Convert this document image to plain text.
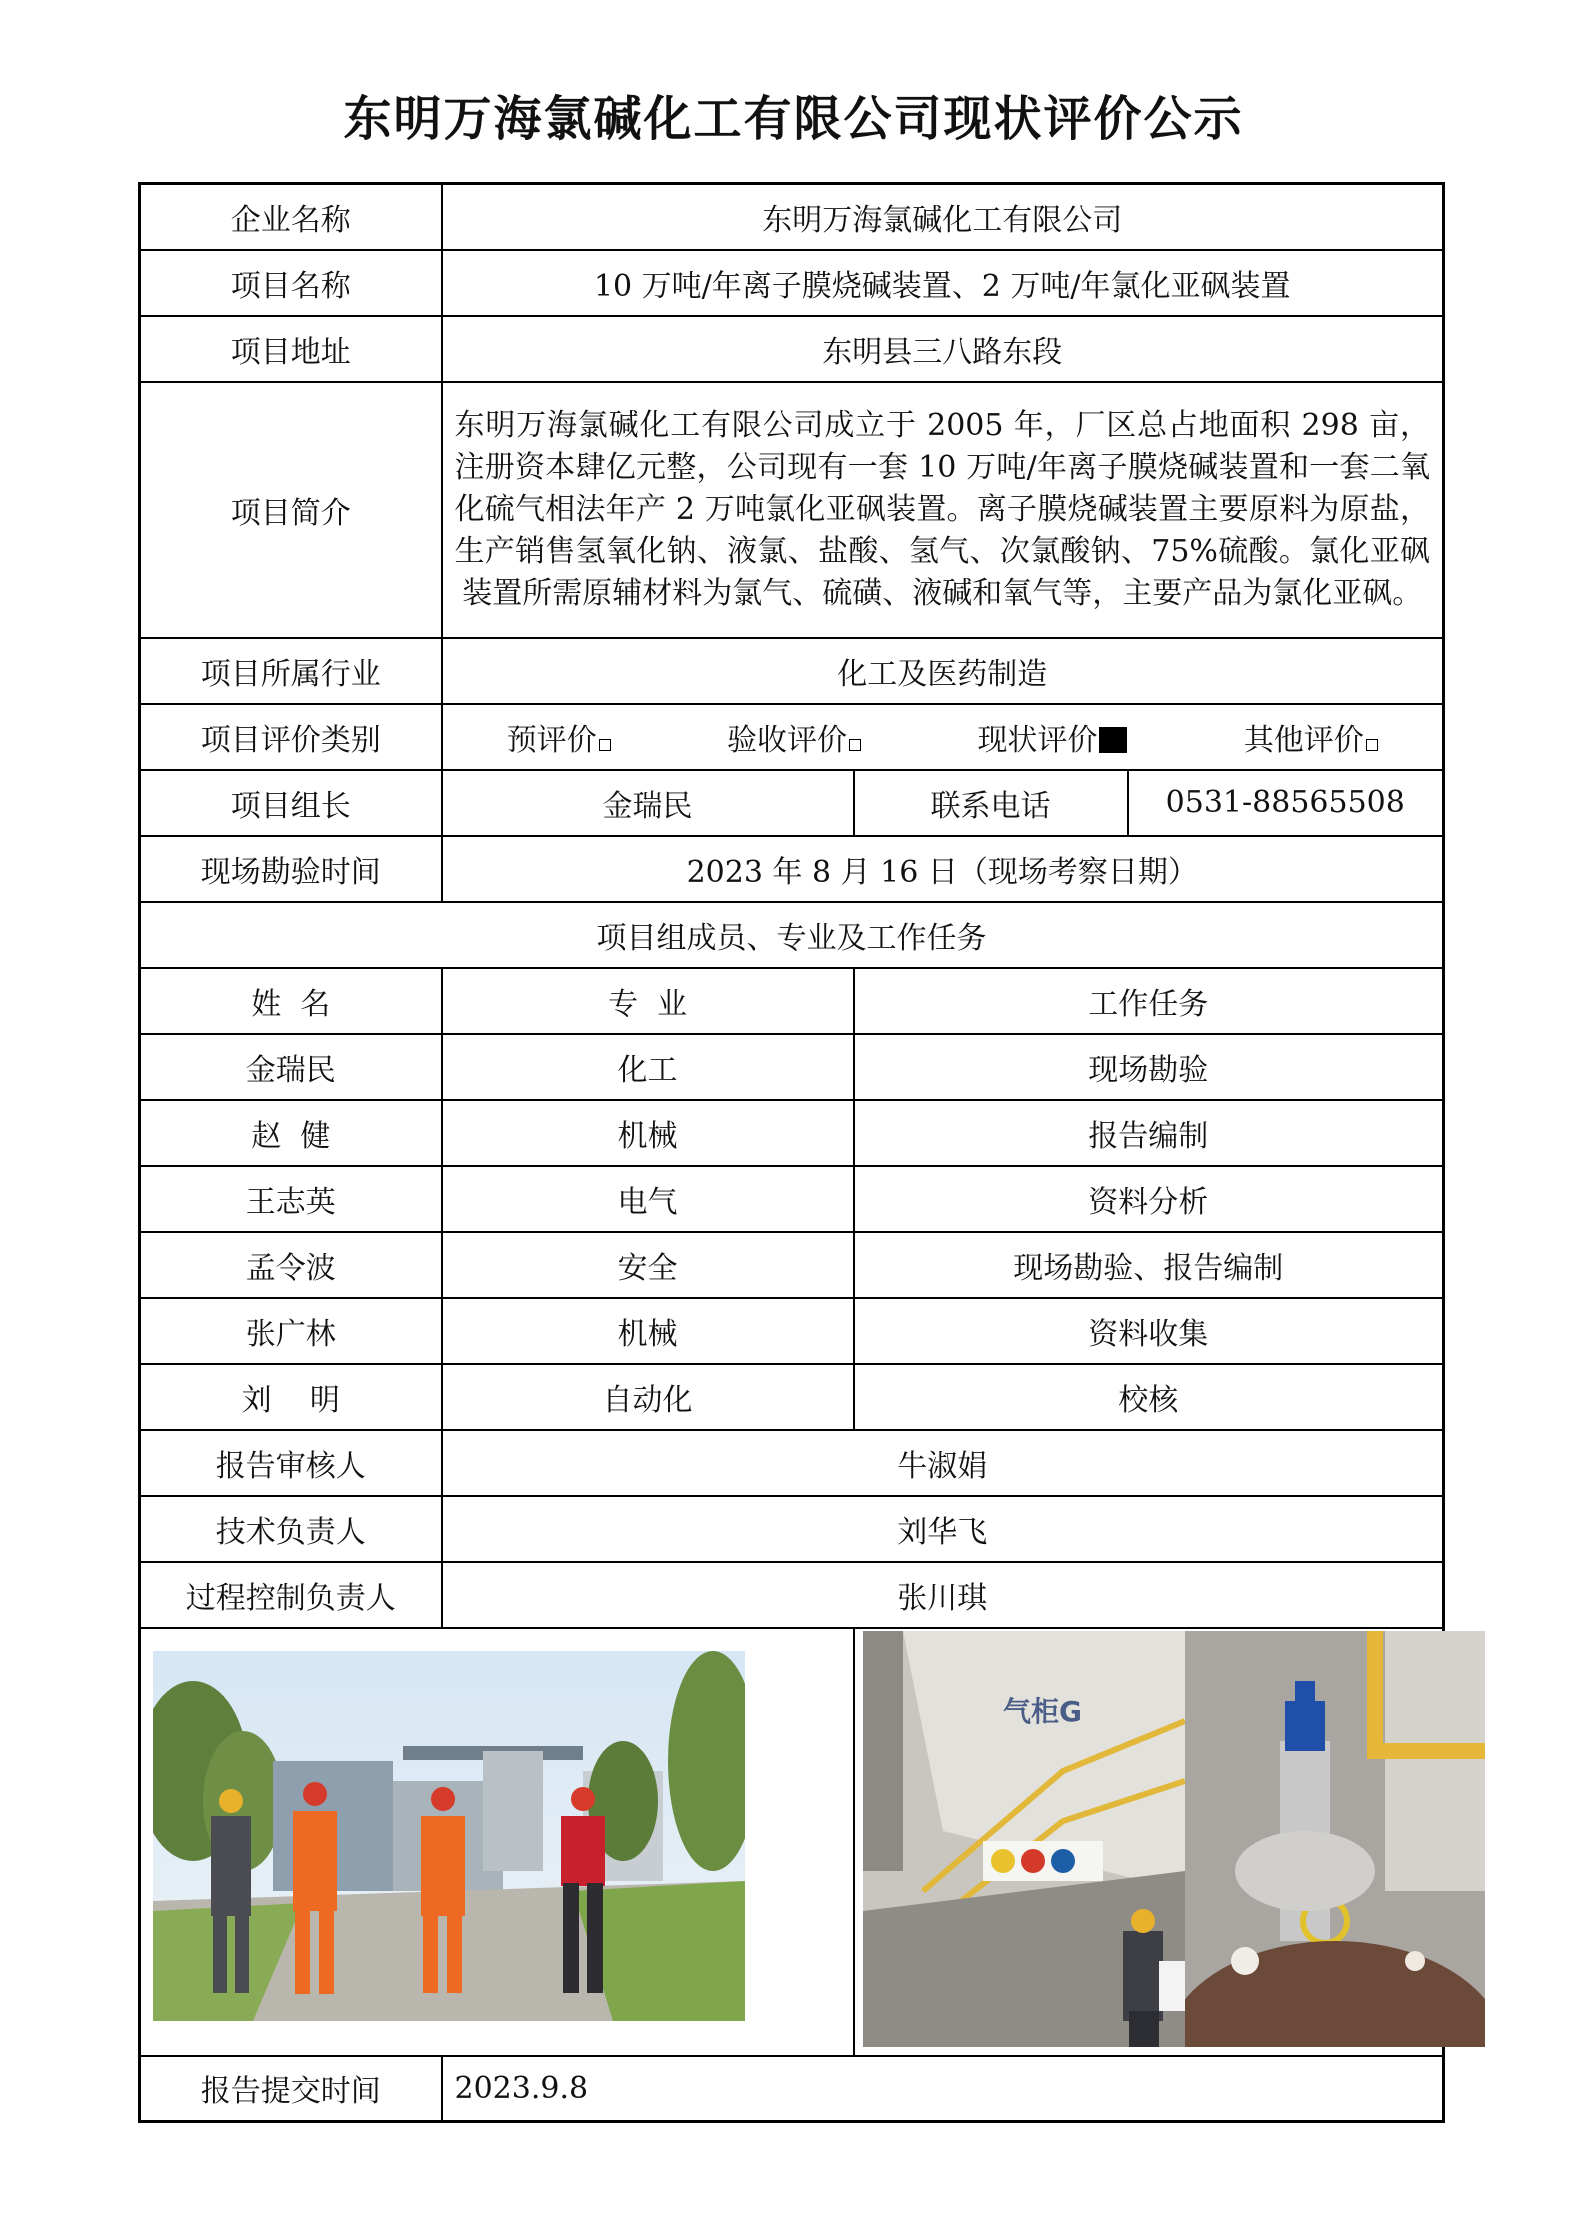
东明万海氯碱化工有限公司现状评价公示
企业名称	东明万海氯碱化工有限公司		
项目名称	10 万吨/年离子膜烧碱装置、2 万吨/年氯化亚砜装置		
项目地址	东明县三八路东段		
项目简介	东明万海氯碱化工有限公司成立于 2005 年，厂区总占地面积 298 亩，注册资本肆亿元整，公司现有一套 10 万吨/年离子膜烧碱装置和一套二氧化硫气相法年产 2 万吨氯化亚砜装置。离子膜烧碱装置主要原料为原盐，生产销售氢氧化钠、液氯、盐酸、氢气、次氯酸钠、75%硫酸。氯化亚砜装置所需原辅材料为氯气、硫磺、液碱和氧气等，主要产品为氯化亚砜。		
项目所属行业	化工及医药制造		
项目评价类别	预评价 验收评价 现状评价 其他评价		

项目组长	金瑞民	联系电话	0531-88565508
现场勘验时间	2023 年 8 月 16 日（现场考察日期）		
项目组成员、专业及工作任务			
姓  名	专  业	工作任务	
金瑞民	化工	现场勘验	
赵  健	机械	报告编制	
王志英	电气	资料分析	
孟令波	安全	现场勘验、报告编制	
张广林	机械	资料收集	
刘    明	自动化	校核	
报告审核人	牛淑娟		
技术负责人	刘华飞		
过程控制负责人	张川琪		

气柜G	

报告提交时间	2023.9.8		
